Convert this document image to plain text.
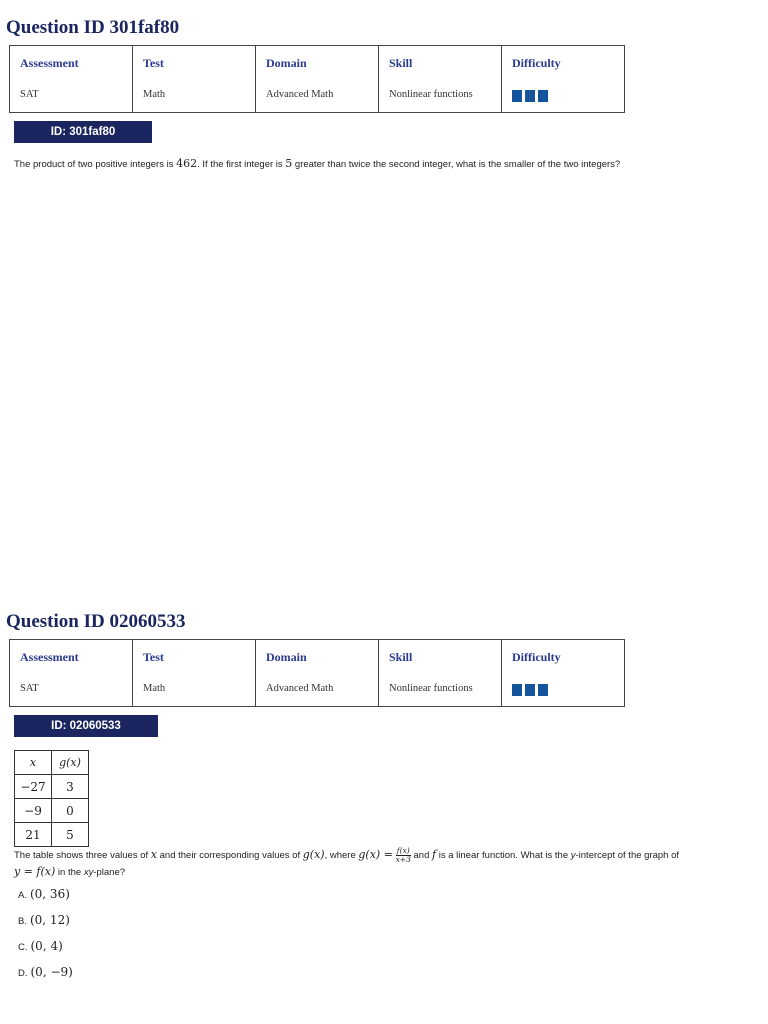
Question ID 301faf80
Assessment
SAT

Test
Math

Domain
Advanced Math

Skill
Nonlinear functions

Difficulty
ID: 301faf80
The product of two positive integers is 462. If the first integer is 5 greater than twice the second integer, what is the smaller of the two integers?
Question ID 02060533
Assessment
SAT

Test
Math

Domain
Advanced Math

Skill
Nonlinear functions

Difficulty
ID: 02060533
x	g(x)
−27	3
−9	0
21	5
The table shows three values of x and their corresponding values of g(x), where $g(x) = \frac{f(x)}{x+3}$ and f is a linear function. What is the y-intercept of the graph of
y = f(x) in the xy-plane?
A. (0, 36)
B. (0, 12)
C. (0, 4)
D. (0, −9)
